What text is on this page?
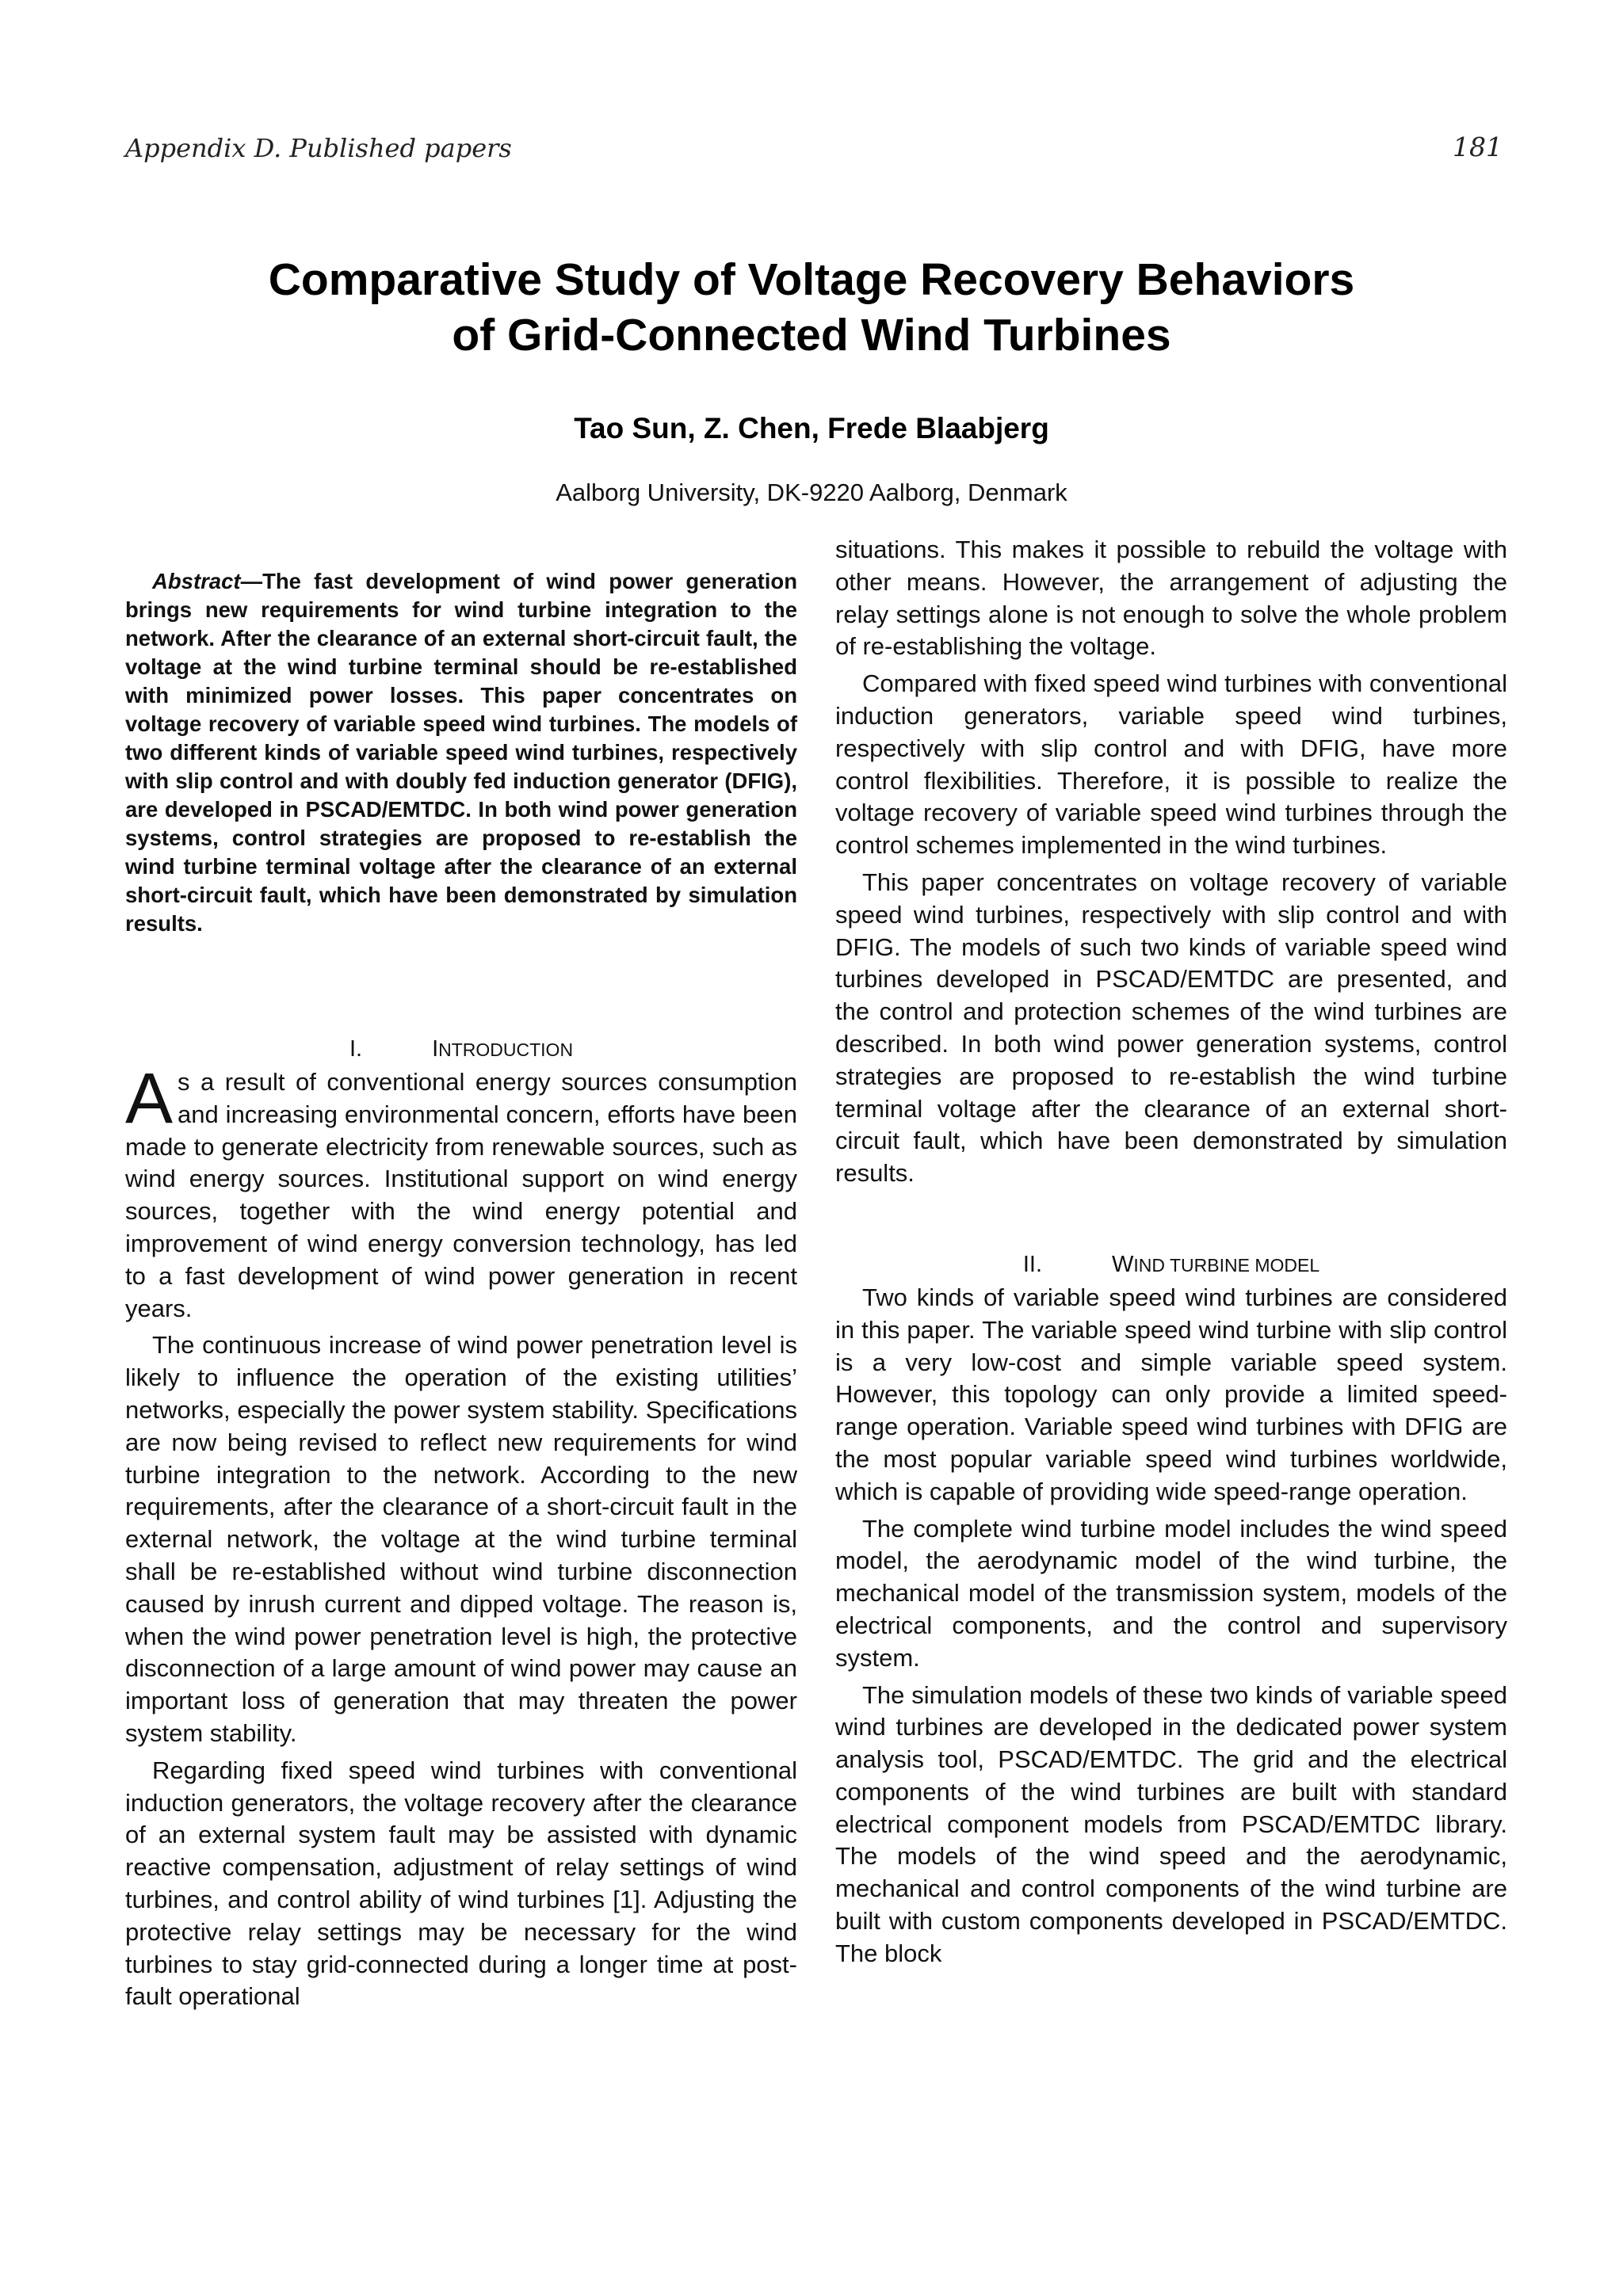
Appendix D. Published papers	181
Comparative Study of Voltage Recovery Behaviors
of Grid-Connected Wind Turbines
Tao Sun, Z. Chen, Frede Blaabjerg
Aalborg University, DK-9220 Aalborg, Denmark

Abstract—The fast development of wind power generation brings new requirements for wind turbine integration to the network. After the clearance of an external short-circuit fault, the voltage at the wind turbine terminal should be re-established with minimized power losses. This paper concentrates on voltage recovery of variable speed wind turbines. The models of two different kinds of variable speed wind turbines, respectively with slip control and with doubly fed induction generator (DFIG), are developed in PSCAD/EMTDC. In both wind power generation systems, control strategies are proposed to re-establish the wind turbine terminal voltage after the clearance of an external short-circuit fault, which have been demonstrated by simulation results.

I.	INTRODUCTION

As a result of conventional energy sources consumption and increasing environmental concern, efforts have been made to generate electricity from renewable sources, such as wind energy sources. Institutional support on wind energy sources, together with the wind energy potential and improvement of wind energy conversion technology, has led to a fast development of wind power generation in recent years.

The continuous increase of wind power penetration level is likely to influence the operation of the existing utilities’ networks, especially the power system stability. Specifications are now being revised to reflect new requirements for wind turbine integration to the network. According to the new requirements, after the clearance of a short-circuit fault in the external network, the voltage at the wind turbine terminal shall be re-established without wind turbine disconnection caused by inrush current and dipped voltage. The reason is, when the wind power penetration level is high, the protective disconnection of a large amount of wind power may cause an important loss of generation that may threaten the power system stability.

Regarding fixed speed wind turbines with conventional induction generators, the voltage recovery after the clearance of an external system fault may be assisted with dynamic reactive compensation, adjustment of relay settings of wind turbines, and control ability of wind turbines [1]. Adjusting the protective relay settings may be necessary for the wind turbines to stay grid-connected during a longer time at post-fault operational

situations. This makes it possible to rebuild the voltage with other means. However, the arrangement of adjusting the relay settings alone is not enough to solve the whole problem of re-establishing the voltage.

Compared with fixed speed wind turbines with conventional induction generators, variable speed wind turbines, respectively with slip control and with DFIG, have more control flexibilities. Therefore, it is possible to realize the voltage recovery of variable speed wind turbines through the control schemes implemented in the wind turbines.

This paper concentrates on voltage recovery of variable speed wind turbines, respectively with slip control and with DFIG. The models of such two kinds of variable speed wind turbines developed in PSCAD/EMTDC are presented, and the control and protection schemes of the wind turbines are described. In both wind power generation systems, control strategies are proposed to re-establish the wind turbine terminal voltage after the clearance of an external short-circuit fault, which have been demonstrated by simulation results.

II.	WIND TURBINE MODEL

Two kinds of variable speed wind turbines are considered in this paper. The variable speed wind turbine with slip control is a very low-cost and simple variable speed system. However, this topology can only provide a limited speed-range operation. Variable speed wind turbines with DFIG are the most popular variable speed wind turbines worldwide, which is capable of providing wide speed-range operation.

The complete wind turbine model includes the wind speed model, the aerodynamic model of the wind turbine, the mechanical model of the transmission system, models of the electrical components, and the control and supervisory system.

The simulation models of these two kinds of variable speed wind turbines are developed in the dedicated power system analysis tool, PSCAD/EMTDC. The grid and the electrical components of the wind turbines are built with standard electrical component models from PSCAD/EMTDC library. The models of the wind speed and the aerodynamic, mechanical and control components of the wind turbine are built with custom components developed in PSCAD/EMTDC. The block
